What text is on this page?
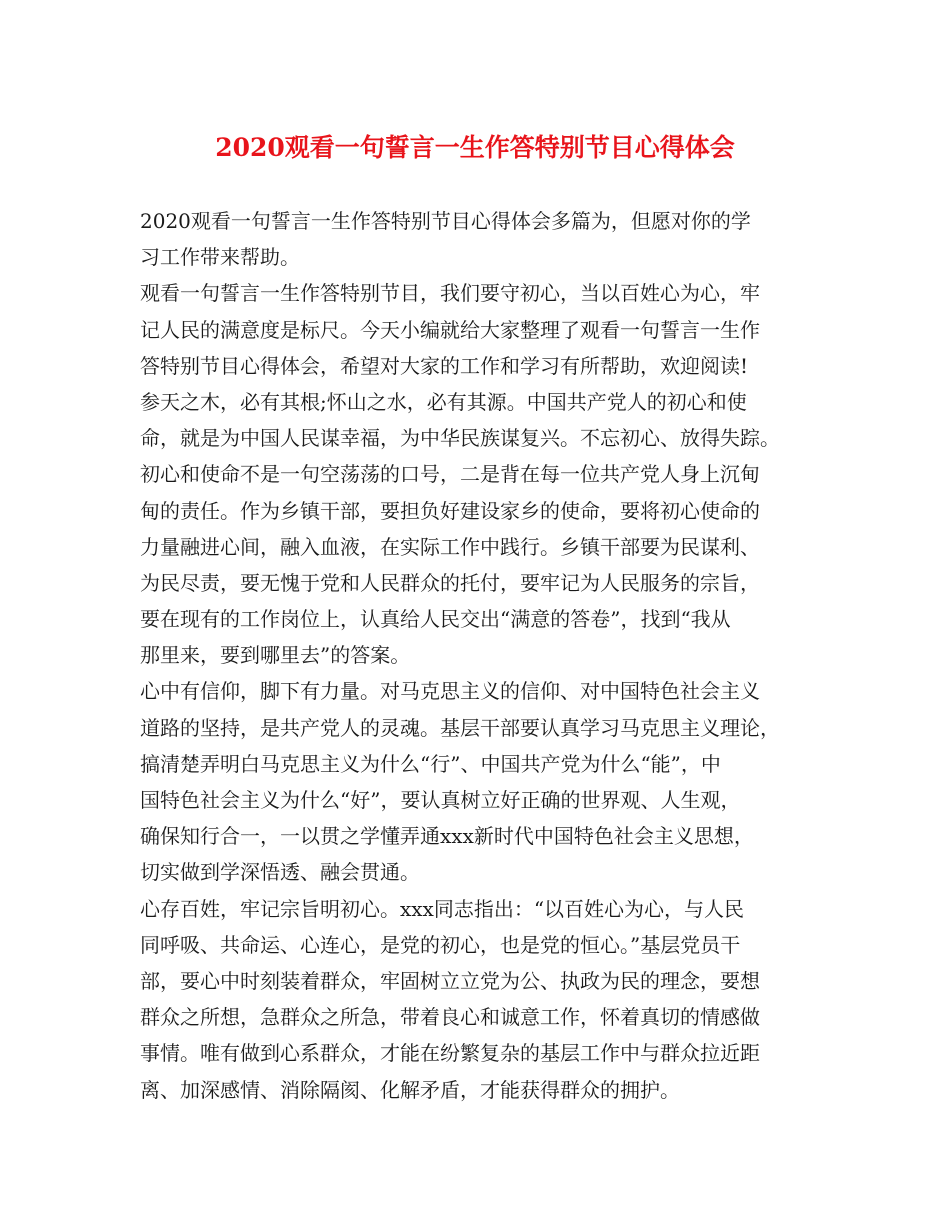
2020观看一句誓言一生作答特别节目心得体会
2020观看一句誓言一生作答特别节目心得体会多篇为，但愿对你的学
习工作带来帮助。
观看一句誓言一生作答特别节目，我们要守初心，当以百姓心为心，牢
记人民的满意度是标尺。今天小编就给大家整理了观看一句誓言一生作
答特别节目心得体会，希望对大家的工作和学习有所帮助，欢迎阅读!
参天之木，必有其根;怀山之水，必有其源。中国共产党人的初心和使
命，就是为中国人民谋幸福，为中华民族谋复兴。不忘初心、放得失踪。
初心和使命不是一句空荡荡的口号，二是背在每一位共产党人身上沉甸
甸的责任。作为乡镇干部，要担负好建设家乡的使命，要将初心使命的
力量融进心间，融入血液，在实际工作中践行。乡镇干部要为民谋利、
为民尽责，要无愧于党和人民群众的托付，要牢记为人民服务的宗旨，
要在现有的工作岗位上，认真给人民交出“满意的答卷”，找到“我从
那里来，要到哪里去”的答案。
心中有信仰，脚下有力量。对马克思主义的信仰、对中国特色社会主义
道路的坚持，是共产党人的灵魂。基层干部要认真学习马克思主义理论，
搞清楚弄明白马克思主义为什么“行”、中国共产党为什么“能”，中
国特色社会主义为什么“好”，要认真树立好正确的世界观、人生观，
确保知行合一，一以贯之学懂弄通xxx新时代中国特色社会主义思想，
切实做到学深悟透、融会贯通。
心存百姓，牢记宗旨明初心。xxx同志指出：“以百姓心为心，与人民
同呼吸、共命运、心连心，是党的初心，也是党的恒心。”基层党员干
部，要心中时刻装着群众，牢固树立立党为公、执政为民的理念，要想
群众之所想，急群众之所急，带着良心和诚意工作，怀着真切的情感做
事情。唯有做到心系群众，才能在纷繁复杂的基层工作中与群众拉近距
离、加深感情、消除隔阂、化解矛盾，才能获得群众的拥护。
